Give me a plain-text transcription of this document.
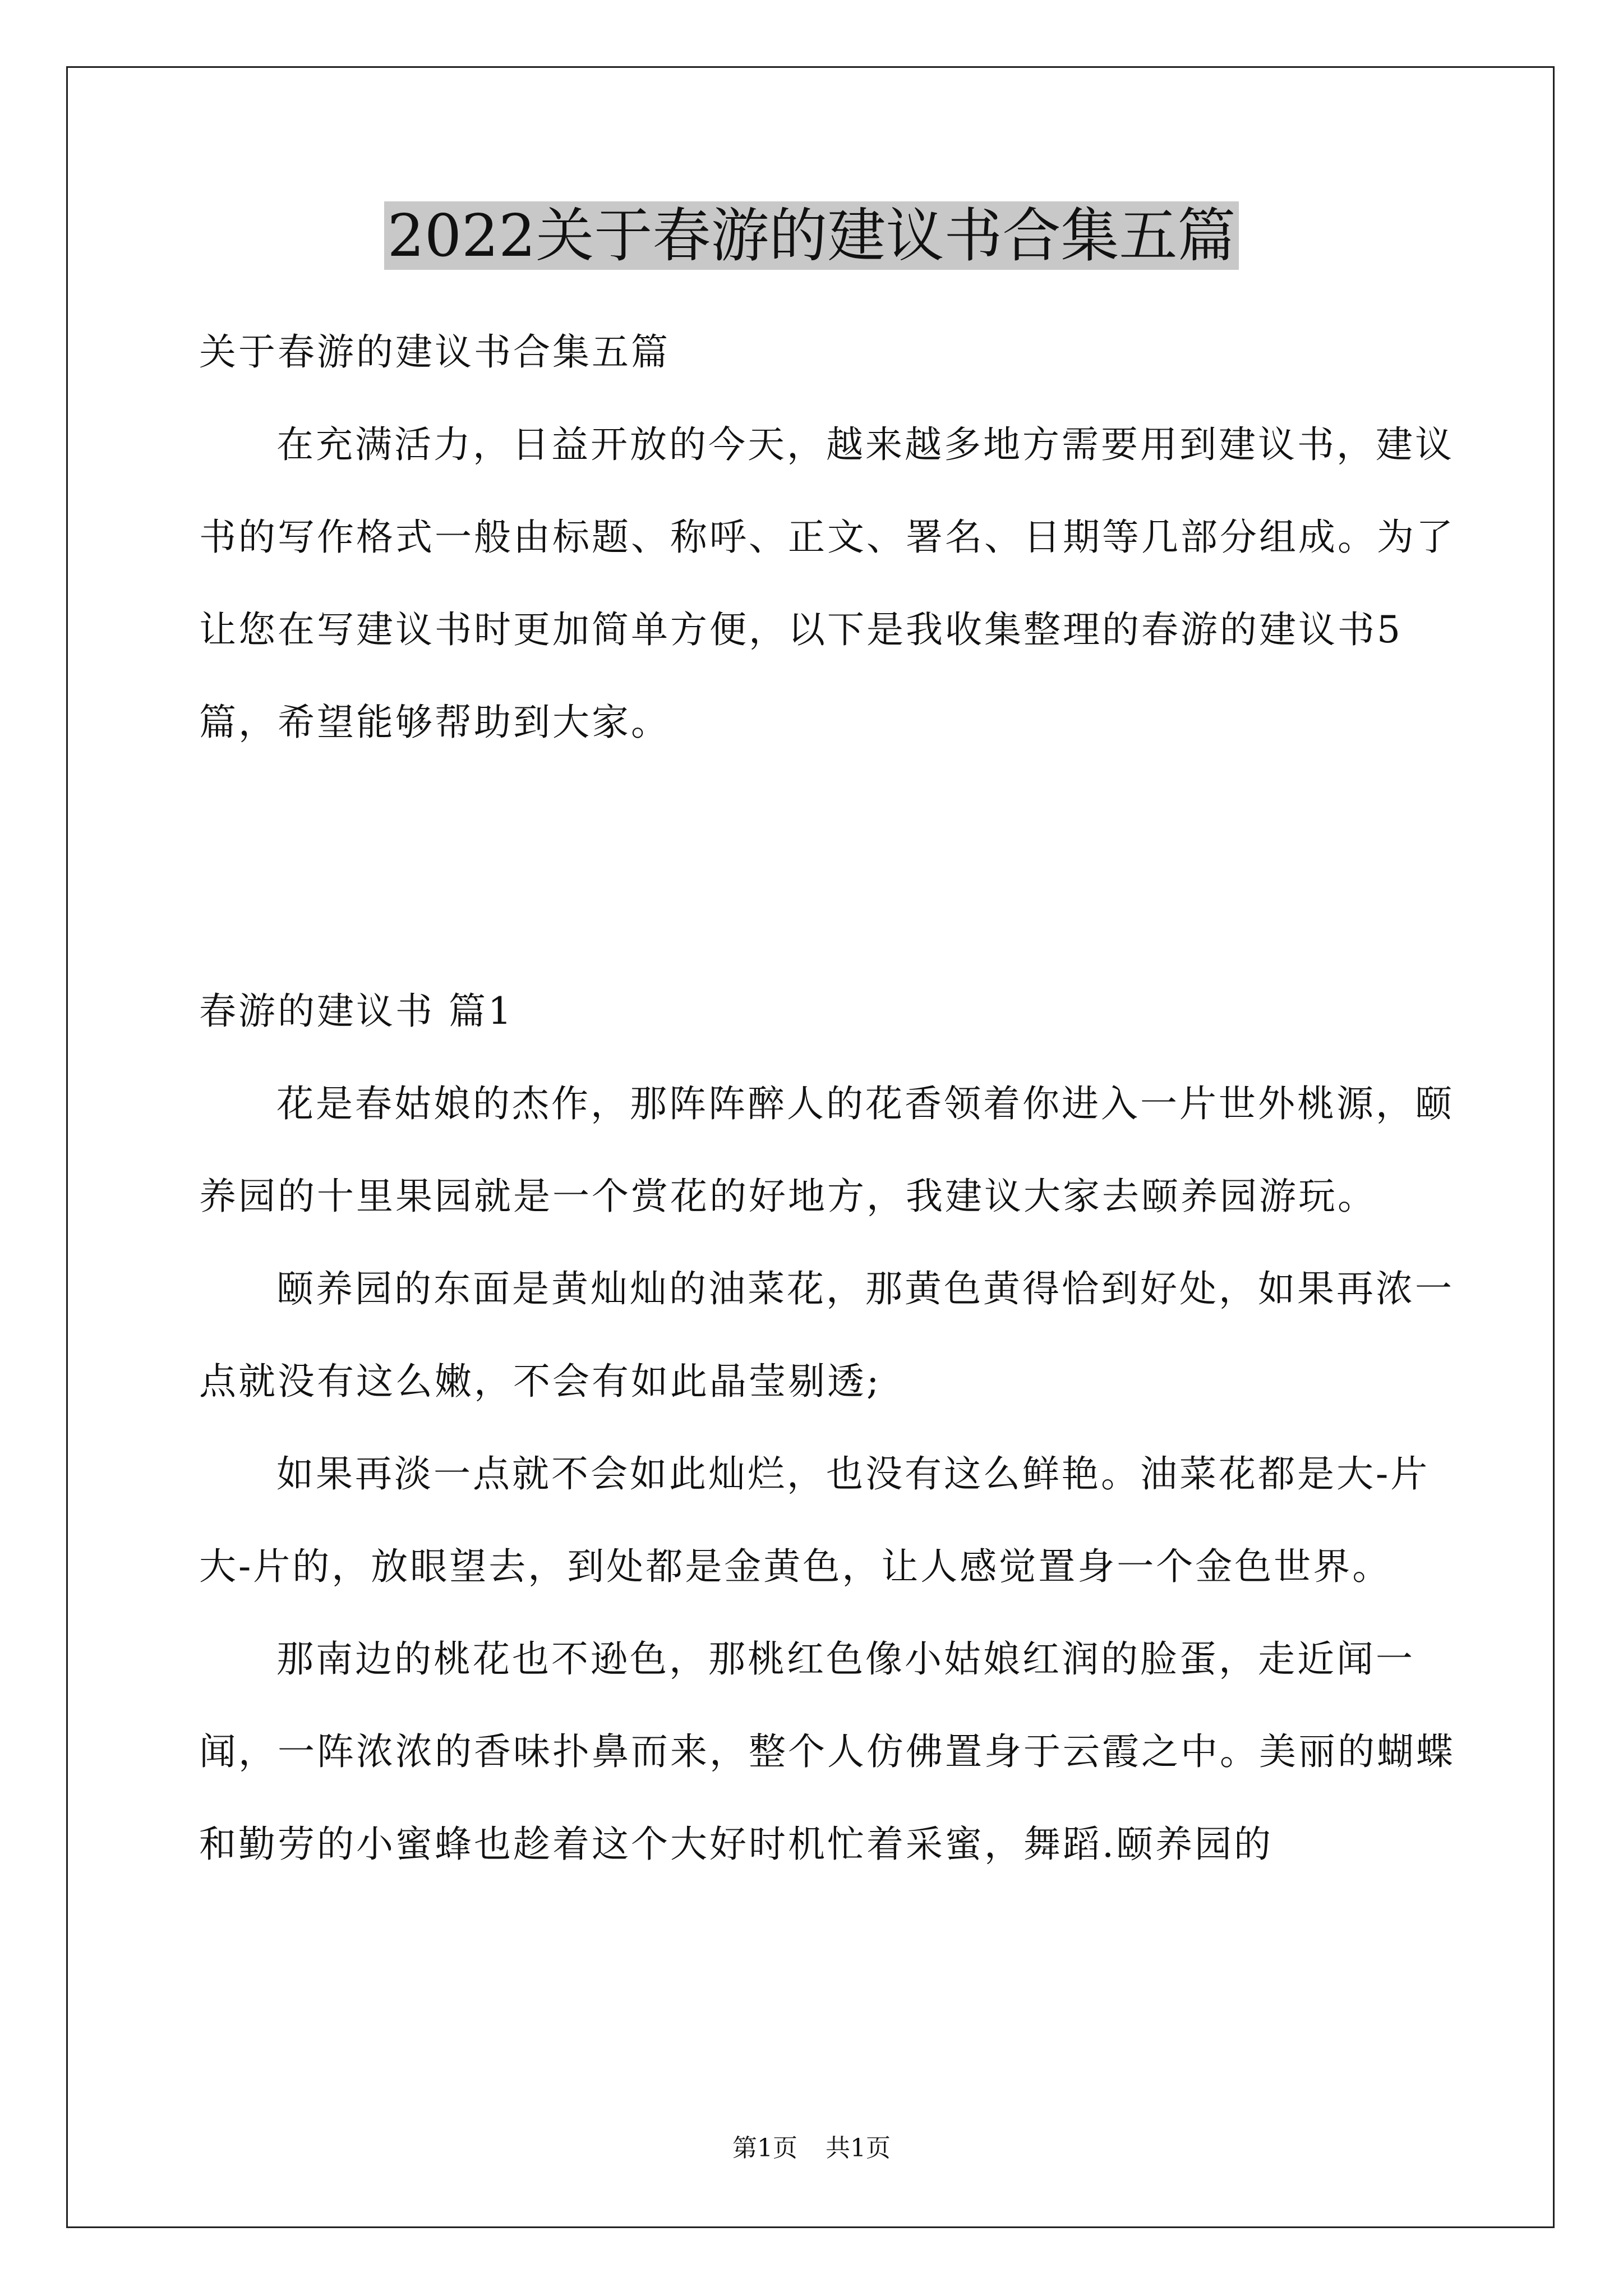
2022关于春游的建议书合集五篇

关于春游的建议书合集五篇

在充满活力，日益开放的今天，越来越多地方需要用到建议书，建议书的写作格式一般由标题、称呼、正文、署名、日期等几部分组成。为了让您在写建议书时更加简单方便，以下是我收集整理的春游的建议书5篇，希望能够帮助到大家。

春游的建议书 篇1

花是春姑娘的杰作，那阵阵醉人的花香领着你进入一片世外桃源，颐养园的十里果园就是一个赏花的好地方，我建议大家去颐养园游玩。

颐养园的东面是黄灿灿的油菜花，那黄色黄得恰到好处，如果再浓一点就没有这么嫩，不会有如此晶莹剔透;

如果再淡一点就不会如此灿烂，也没有这么鲜艳。油菜花都是大-片大-片的，放眼望去，到处都是金黄色，让人感觉置身一个金色世界。

那南边的桃花也不逊色，那桃红色像小姑娘红润的脸蛋，走近闻一闻，一阵浓浓的香味扑鼻而来，整个人仿佛置身于云霞之中。美丽的蝴蝶和勤劳的小蜜蜂也趁着这个大好时机忙着采蜜，舞蹈.颐养园的

第1页 共1页
